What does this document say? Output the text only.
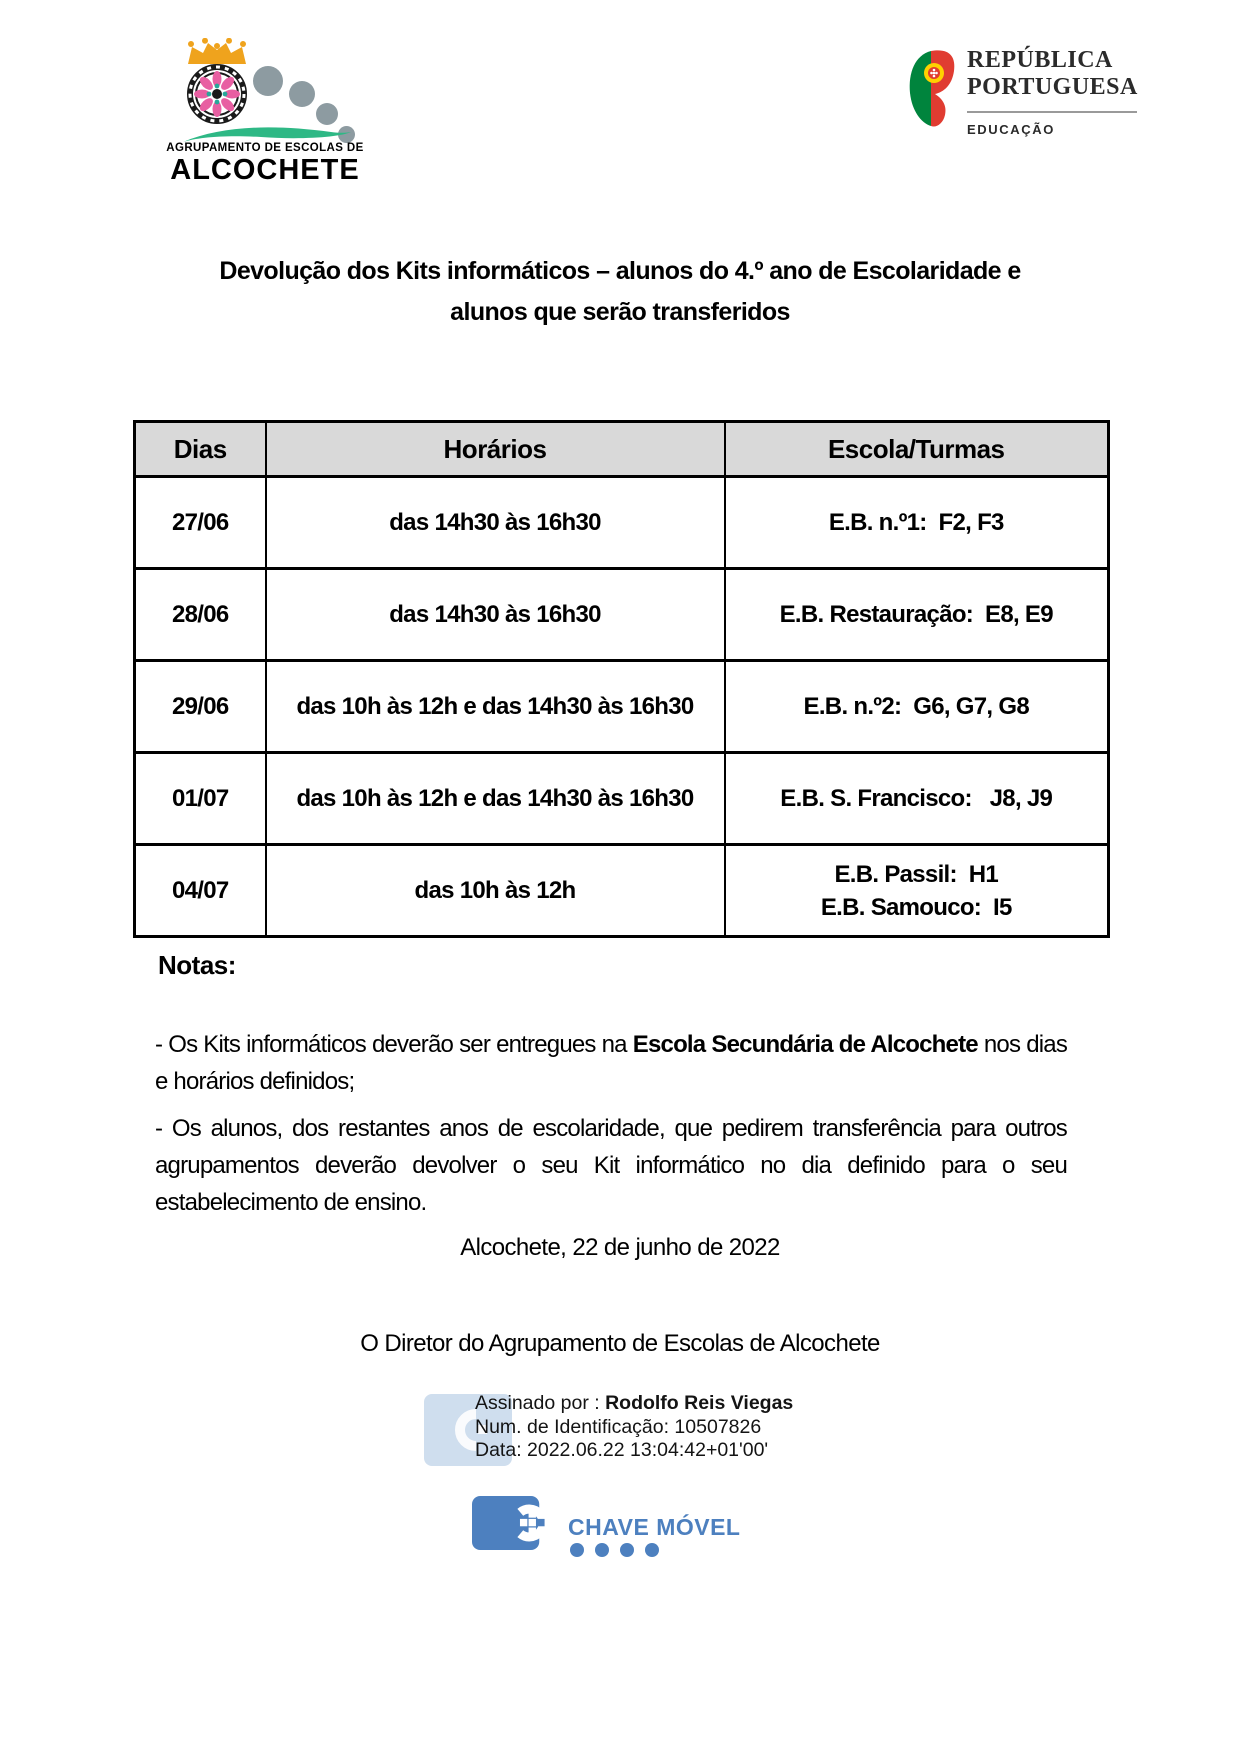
AGRUPAMENTO DE ESCOLAS DE
ALCOCHETE
REPÚBLICA
PORTUGUESA
EDUCAÇÃO
Devolução dos Kits informáticos – alunos do 4.º ano de Escolaridade e
alunos que serão transferidos
Dias	Horários	Escola/Turmas
27/06	das 14h30 às 16h30	E.B. n.º1:  F2, F3
28/06	das 14h30 às 16h30	E.B. Restauração:  E8, E9
29/06	das 10h às 12h e das 14h30 às 16h30	E.B. n.º2:  G6, G7, G8
01/07	das 10h às 12h e das 14h30 às 16h30	E.B. S. Francisco:   J8, J9
04/07	das 10h às 12h	E.B. Passil:  H1
E.B. Samouco:  I5
Notas:

- Os Kits informáticos deverão ser entregues na Escola Secundária de Alcochete nos dias e horários definidos;

- Os alunos, dos restantes anos de escolaridade, que pedirem transferência para outros agrupamentos deverão devolver o seu Kit informático no dia definido para o seu estabelecimento de ensino.

Alcochete, 22 de junho de 2022
O Diretor do Agrupamento de Escolas de Alcochete
Assinado por : Rodolfo Reis Viegas
Num. de Identificação: 10507826
Data: 2022.06.22 13:04:42+01'00'
CHAVE MÓVEL
